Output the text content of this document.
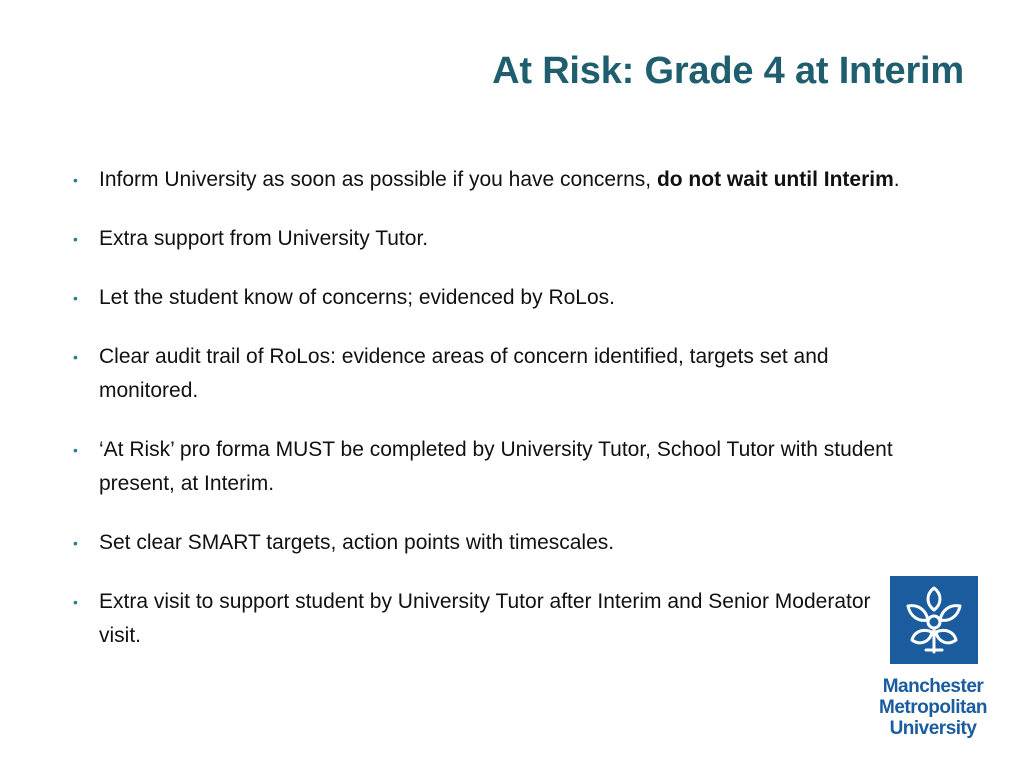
At Risk: Grade 4 at Interim
• Inform University as soon as possible if you have concerns, do not wait until Interim.
• Extra support from University Tutor.
• Let the student know of concerns; evidenced by RoLos.
• Clear audit trail of RoLos: evidence areas of concern identified, targets set and monitored.
• ‘At Risk’ pro forma MUST be completed by University Tutor, School Tutor with student present, at Interim.
• Set clear SMART targets, action points with timescales.
• Extra visit to support student by University Tutor after Interim and Senior Moderator visit.
Manchester
Metropolitan
University
